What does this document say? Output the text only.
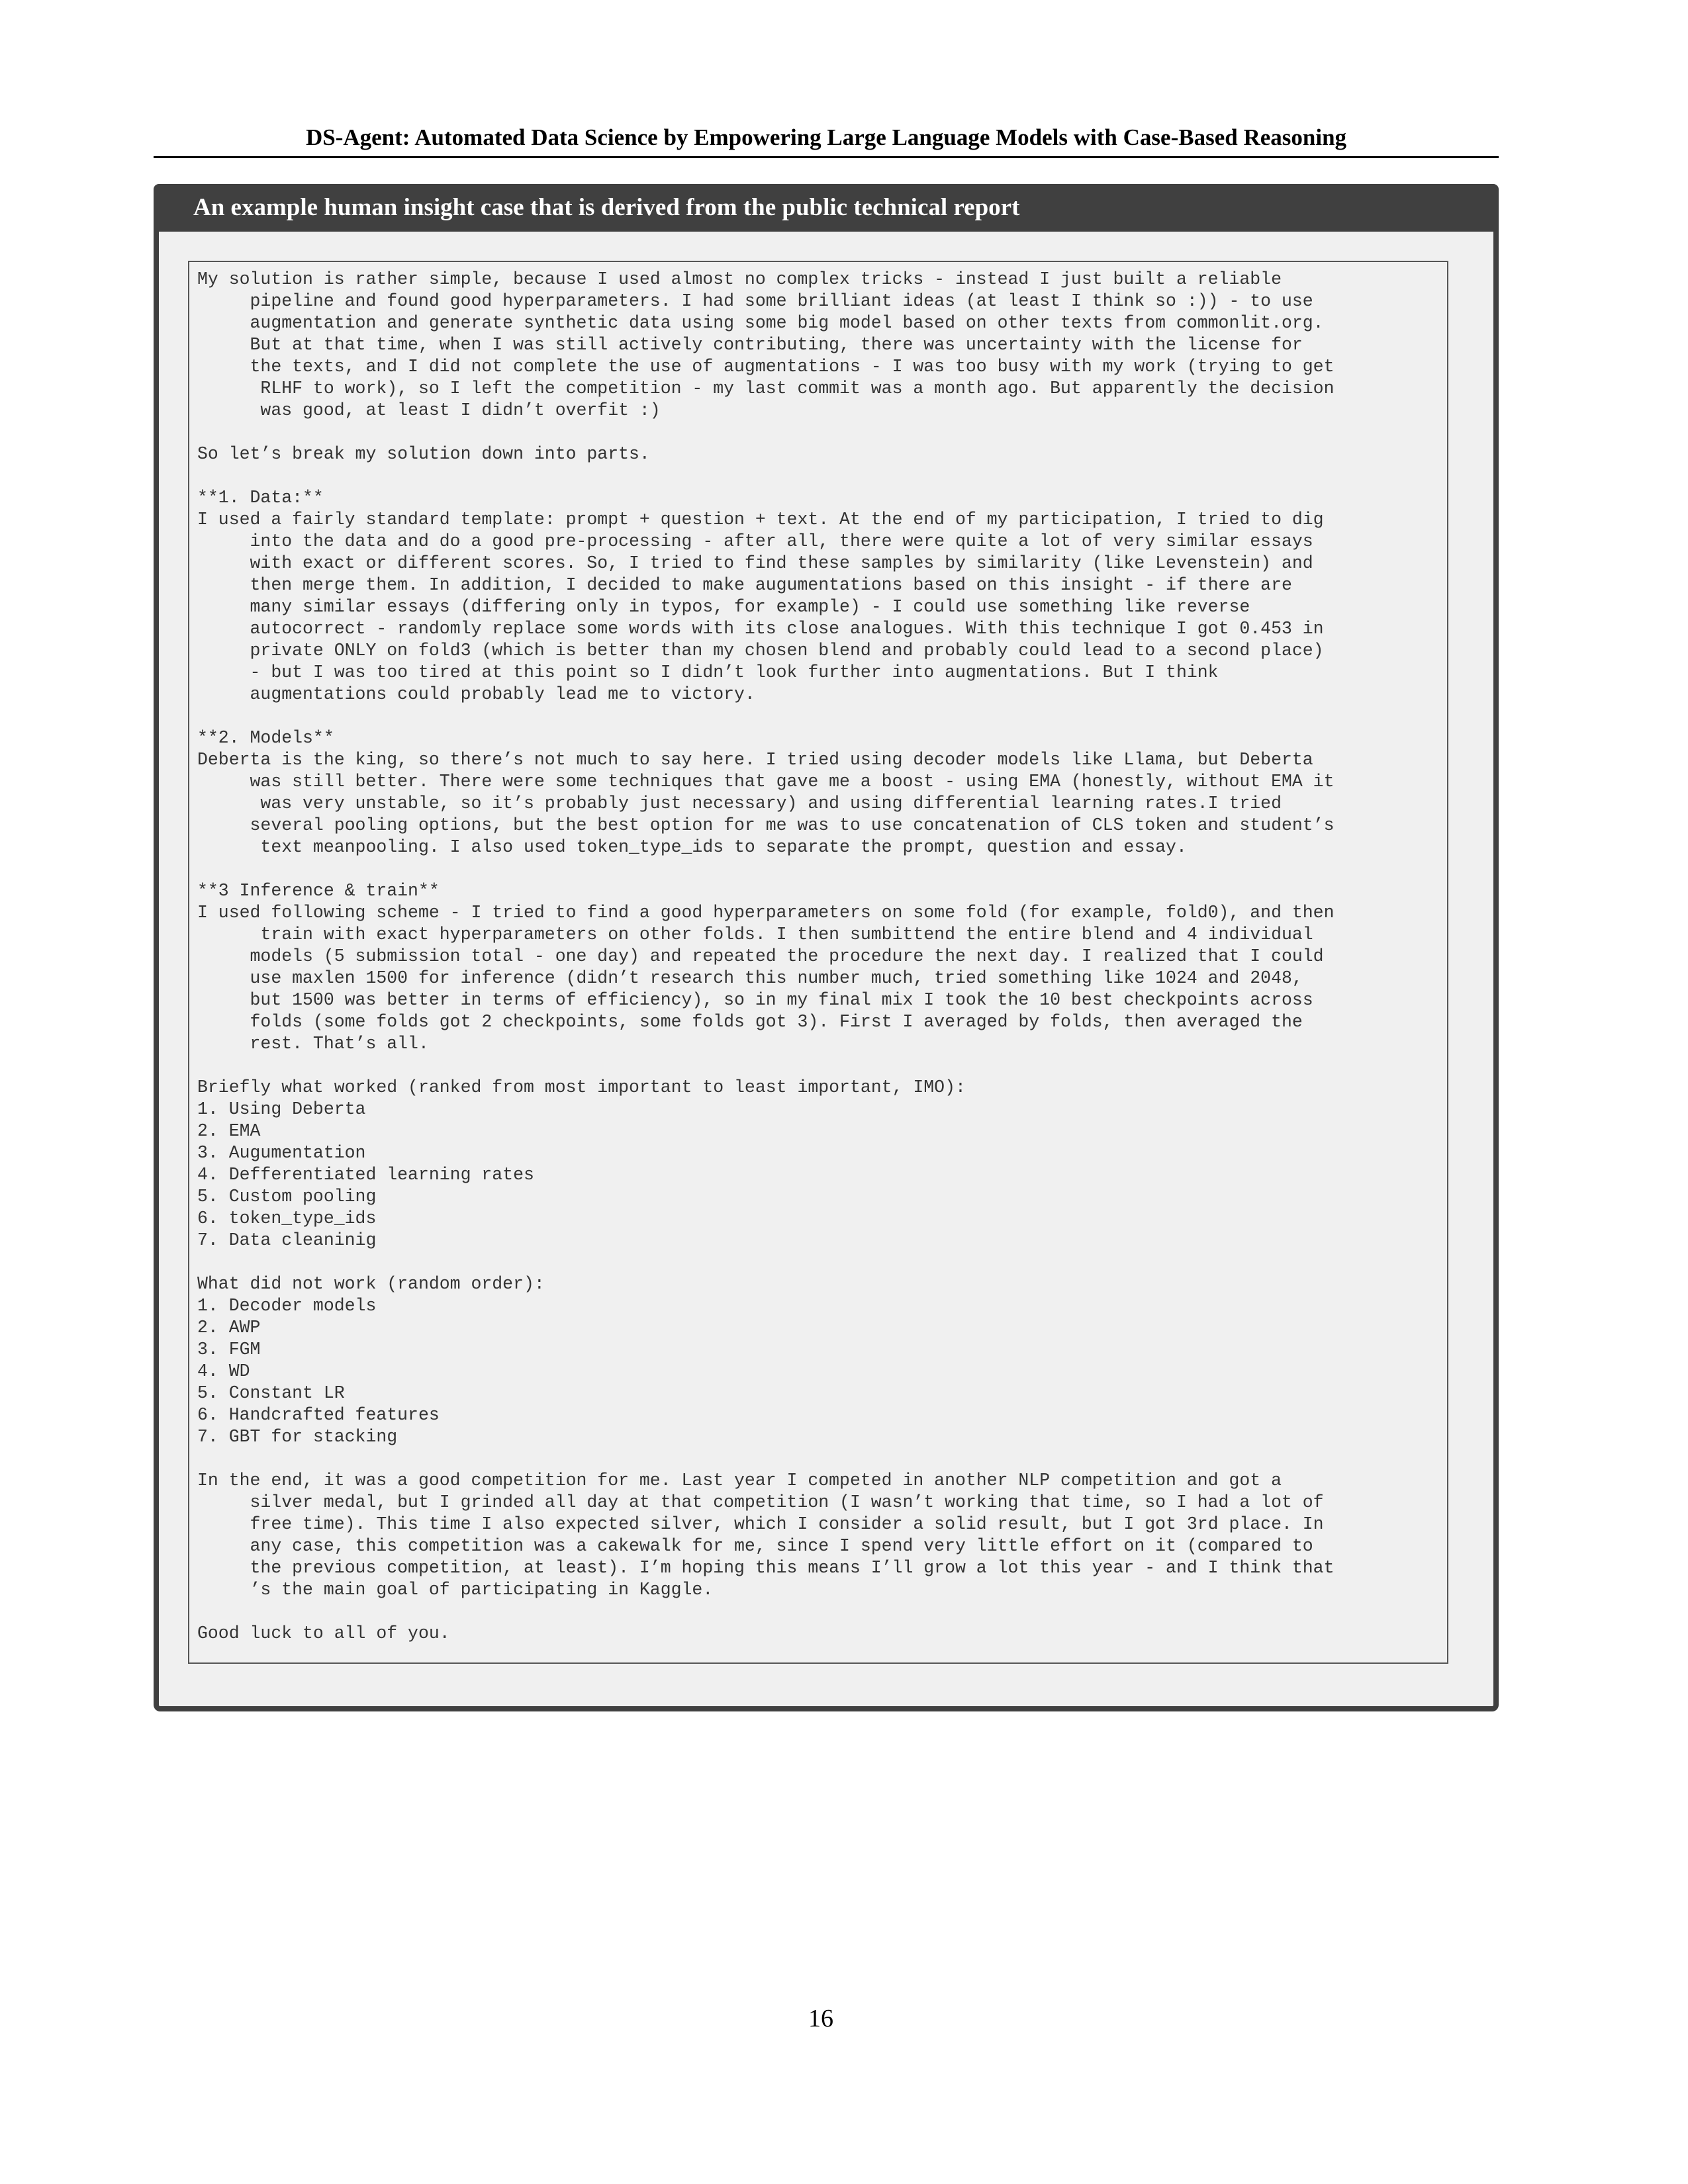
DS-Agent: Automated Data Science by Empowering Large Language Models with Case-Based Reasoning
An example human insight case that is derived from the public technical report

My solution is rather simple, because I used almost no complex tricks - instead I just built a reliable
pipeline and found good hyperparameters. I had some brilliant ideas (at least I think so :)) - to use
augmentation and generate synthetic data using some big model based on other texts from commonlit.org.
But at that time, when I was still actively contributing, there was uncertainty with the license for
the texts, and I did not complete the use of augmentations - I was too busy with my work (trying to get
RLHF to work), so I left the competition - my last commit was a month ago. But apparently the decision
was good, at least I didn’t overfit :)

So let’s break my solution down into parts.

**1. Data:**
I used a fairly standard template: prompt + question + text. At the end of my participation, I tried to dig
into the data and do a good pre-processing - after all, there were quite a lot of very similar essays
with exact or different scores. So, I tried to find these samples by similarity (like Levenstein) and
then merge them. In addition, I decided to make augumentations based on this insight - if there are
many similar essays (differing only in typos, for example) - I could use something like reverse
autocorrect - randomly replace some words with its close analogues. With this technique I got 0.453 in
private ONLY on fold3 (which is better than my chosen blend and probably could lead to a second place)
- but I was too tired at this point so I didn’t look further into augmentations. But I think
augmentations could probably lead me to victory.

**2. Models**
Deberta is the king, so there’s not much to say here. I tried using decoder models like Llama, but Deberta
was still better. There were some techniques that gave me a boost - using EMA (honestly, without EMA it
was very unstable, so it’s probably just necessary) and using differential learning rates.I tried
several pooling options, but the best option for me was to use concatenation of CLS token and student’s
text meanpooling. I also used token_type_ids to separate the prompt, question and essay.

**3 Inference & train**
I used following scheme - I tried to find a good hyperparameters on some fold (for example, fold0), and then
train with exact hyperparameters on other folds. I then sumbittend the entire blend and 4 individual
models (5 submission total - one day) and repeated the procedure the next day. I realized that I could
use maxlen 1500 for inference (didn’t research this number much, tried something like 1024 and 2048,
but 1500 was better in terms of efficiency), so in my final mix I took the 10 best checkpoints across
folds (some folds got 2 checkpoints, some folds got 3). First I averaged by folds, then averaged the
rest. That’s all.

Briefly what worked (ranked from most important to least important, IMO):
1. Using Deberta
2. EMA
3. Augumentation
4. Defferentiated learning rates
5. Custom pooling
6. token_type_ids
7. Data cleaninig

What did not work (random order):
1. Decoder models
2. AWP
3. FGM
4. WD
5. Constant LR
6. Handcrafted features
7. GBT for stacking

In the end, it was a good competition for me. Last year I competed in another NLP competition and got a
silver medal, but I grinded all day at that competition (I wasn’t working that time, so I had a lot of
free time). This time I also expected silver, which I consider a solid result, but I got 3rd place. In
any case, this competition was a cakewalk for me, since I spend very little effort on it (compared to
the previous competition, at least). I’m hoping this means I’ll grow a lot this year - and I think that
’s the main goal of participating in Kaggle.

Good luck to all of you.

16
